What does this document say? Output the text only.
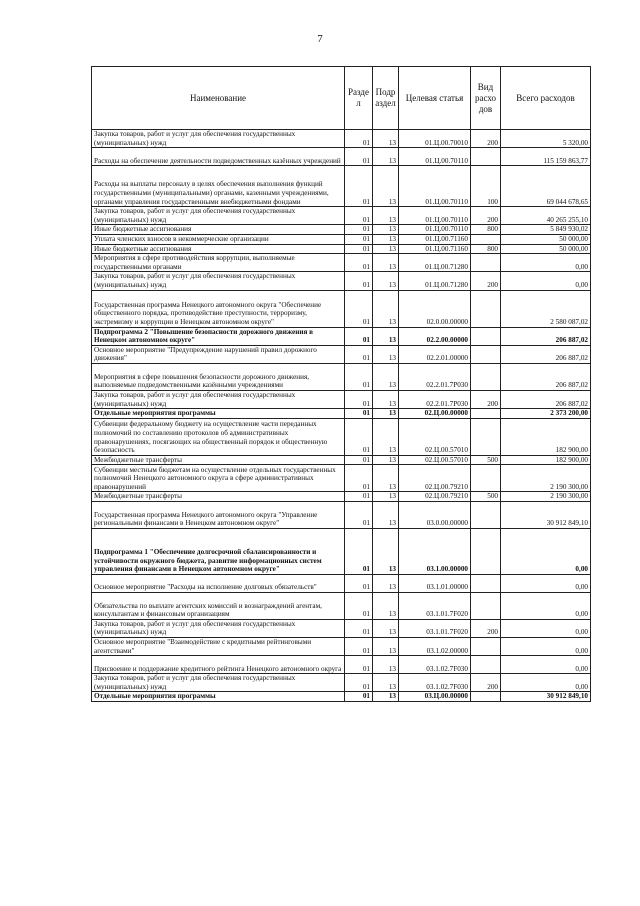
7
Наименование	Разде л	Подр аздел	Целевая статья	Вид расхо дов	Всего расходов
Закупка товаров, работ и услуг для обеспечения государственных (муниципальных) нужд	01	13	01.Ц.00.70010	200	5 320,00
Расходы на обеспечение деятельности подведомственных казённых учреждений	01	13	01.Ц.00.70110		115 159 863,77
Расходы на выплаты персоналу в целях обеспечения выполнения функций государственными (муниципальными) органами, казенными учреждениями, органами управления государственными внебюджетными фондами	01	13	01.Ц.00.70110	100	69 044 678,65
Закупка товаров, работ и услуг для обеспечения государственных (муниципальных) нужд	01	13	01.Ц.00.70110	200	40 265 255,10
Иные бюджетные ассигнования	01	13	01.Ц.00.70110	800	5 849 930,02
Уплата членских взносов в некоммерческие организации	01	13	01.Ц.00.71160		50 000,00
Иные бюджетные ассигнования	01	13	01.Ц.00.71160	800	50 000,00
Мероприятия в сфере противодействия коррупции, выполняемые государственными органами	01	13	01.Ц.00.71280		0,00
Закупка товаров, работ и услуг для обеспечения государственных (муниципальных) нужд	01	13	01.Ц.00.71280	200	0,00
Государственная программа Ненецкого автономного округа "Обеспечение общественного порядка, противодействие преступности, терроризму, экстремизму и коррупции в Ненецком автономном округе"	01	13	02.0.00.00000		2 580 087,02
Подпрограмма 2 "Повышение безопасности дорожного движения в Ненецком автономном округе"	01	13	02.2.00.00000		206 887,02
Основное мероприятие "Предупреждение нарушений правил дорожного движения"	01	13	02.2.01.00000		206 887,02
Мероприятия в сфере повышения безопасности дорожного движения, выполняемые подведомственными казёнными учреждениями	01	13	02.2.01.7Р030		206 887,02
Закупка товаров, работ и услуг для обеспечения государственных (муниципальных) нужд	01	13	02.2.01.7Р030	200	206 887,02
Отдельные мероприятия программы	01	13	02.Ц.00.00000		2 373 200,00
Субвенции федеральному бюджету на осуществление части переданных полномочий по составлению протоколов об административных правонарушениях, посягающих на общественный порядок и общественную безопасность	01	13	02.Ц.00.57010		182 900,00
Межбюджетные трансферты	01	13	02.Ц.00.57010	500	182 900,00
Субвенции местным бюджетам на осуществление отдельных государственных полномочий Ненецкого автономного округа в сфере административных правонарушений	01	13	02.Ц.00.79210		2 190 300,00
Межбюджетные трансферты	01	13	02.Ц.00.79210	500	2 190 300,00
Государственная программа Ненецкого автономного округа "Управление региональными финансами в Ненецком автономном округе"	01	13	03.0.00.00000		30 912 849,10
Подпрограмма 1 "Обеспечение долгосрочной сбалансированности и устойчивости окружного бюджета, развитие информационных систем управления финансами в Ненецком автономном округе"	01	13	03.1.00.00000		0,00
Основное мероприятие "Расходы на исполнение долговых обязательств"	01	13	03.1.01.00000		0,00
Обязательства по выплате агентских комиссий и вознаграждений агентам, консультантам и финансовым организациям	01	13	03.1.01.7F020		0,00
Закупка товаров, работ и услуг для обеспечения государственных (муниципальных) нужд	01	13	03.1.01.7F020	200	0,00
Основное мероприятие "Взаимодействие с кредитными рейтинговыми агентствами"	01	13	03.1.02.00000		0,00
Присвоение и поддержание кредитного рейтинга Ненецкого автономного округа	01	13	03.1.02.7F030		0,00
Закупка товаров, работ и услуг для обеспечения государственных (муниципальных) нужд	01	13	03.1.02.7F030	200	0,00
Отдельные мероприятия программы	01	13	03.Ц.00.00000		30 912 849,10
